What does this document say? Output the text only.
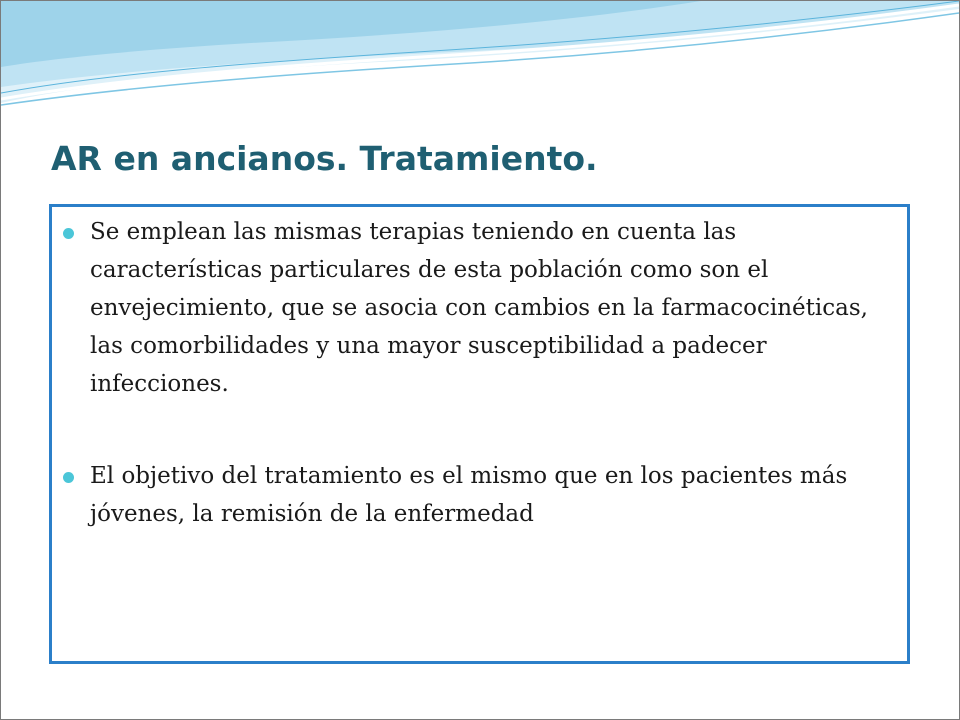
AR en ancianos. Tratamiento.
Se emplean las mismas terapias teniendo en cuenta las características particulares de esta población como son el envejecimiento, que se asocia con cambios en la farmacocinéticas, las comorbilidades y una mayor susceptibilidad a padecer infecciones.
El objetivo del tratamiento es el mismo que en los pacientes más jóvenes, la remisión de la enfermedad
